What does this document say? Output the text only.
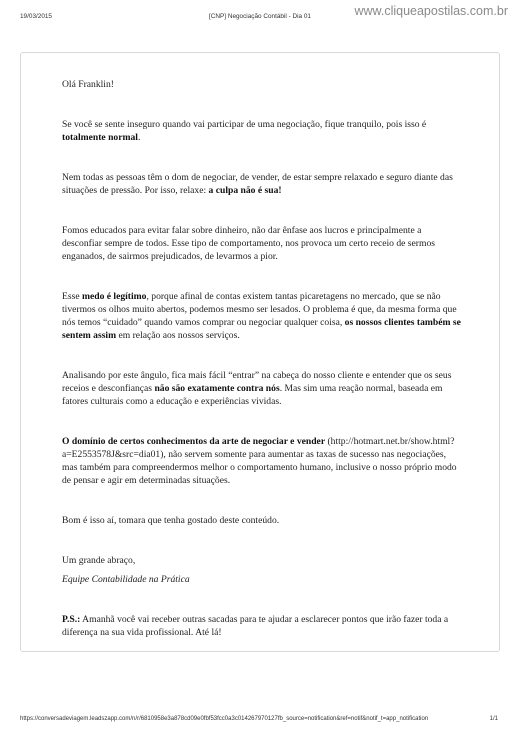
19/03/2015	[CNP] Negociação Contábil - Dia 01	www.cliqueapostilas.com.br

Olá Franklin!

Se você se sente inseguro quando vai participar de uma negociação, fique tranquilo, pois isso é totalmente normal.

Nem todas as pessoas têm o dom de negociar, de vender, de estar sempre relaxado e seguro diante das situações de pressão. Por isso, relaxe: a culpa não é sua!

Fomos educados para evitar falar sobre dinheiro, não dar ênfase aos lucros e principalmente a desconfiar sempre de todos. Esse tipo de comportamento, nos provoca um certo receio de sermos enganados, de sairmos prejudicados, de levarmos a pior.

Esse medo é legítimo, porque afinal de contas existem tantas picaretagens no mercado, que se não tivermos os olhos muito abertos, podemos mesmo ser lesados. O problema é que, da mesma forma que nós temos “cuidado” quando vamos comprar ou negociar qualquer coisa, os nossos clientes também se sentem assim em relação aos nossos serviços.

Analisando por este ângulo, fica mais fácil “entrar” na cabeça do nosso cliente e entender que os seus receios e desconfianças não são exatamente contra nós. Mas sim uma reação normal, baseada em fatores culturais como a educação e experiências vividas.

O domínio de certos conhecimentos da arte de negociar e vender (http://hotmart.net.br/show.html?a=E2553578J&src=dia01), não servem somente para aumentar as taxas de sucesso nas negociações, mas também para compreendermos melhor o comportamento humano, inclusive o nosso próprio modo de pensar e agir em determinadas situações.

Bom é isso aí, tomara que tenha gostado deste conteúdo.

Um grande abraço,

Equipe Contabilidade na Prática

P.S.: Amanhã você vai receber outras sacadas para te ajudar a esclarecer pontos que irão fazer toda a diferença na sua vida profissional. Até lá!

https://conversadeviagem.leadszapp.com/n/r/6810958e3a878cd09e0fbf53fcc0a3c014267970127fb_source=notification&ref=notif&notif_t=app_notification	1/1
